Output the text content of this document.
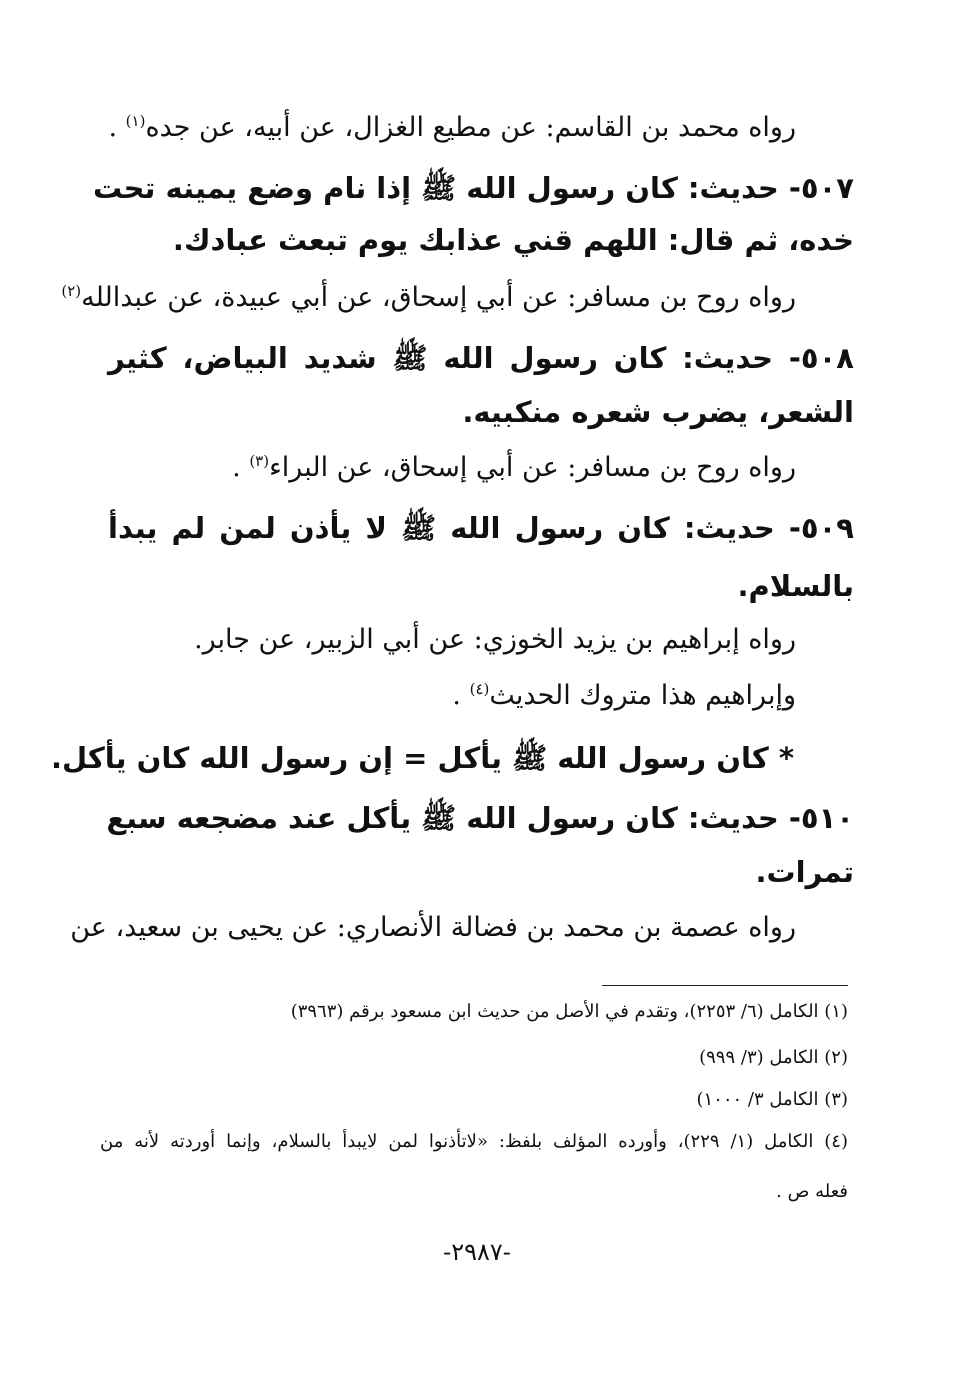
رواه محمد بن القاسم: عن مطيع الغزال، عن أبيه، عن جده$^{(١)}$ .
٥٠٧- حديث: كان رسول الله ﷺ إذا نام وضع يمينه تحت
خده، ثم قال: اللهم قني عذابك يوم تبعث عبادك.
رواه روح بن مسافر: عن أبي إسحاق، عن أبي عبيدة، عن عبدالله$^{(٢)}$
٥٠٨- حديث: كان رسول الله ﷺ شديد البياض، كثير
الشعر، يضرب شعره منكبيه.
رواه روح بن مسافر: عن أبي إسحاق، عن البراء$^{(٣)}$ .
٥٠٩- حديث: كان رسول الله ﷺ لا يأذن لمن لم يبدأ
بالسلام.
رواه إبراهيم بن يزيد الخوزي: عن أبي الزبير، عن جابر.
وإبراهيم هذا متروك الحديث$^{(٤)}$ .
* كان رسول الله ﷺ يأكل = إن رسول الله كان يأكل.
٥١٠- حديث: كان رسول الله ﷺ يأكل عند مضجعه سبع
تمرات.
رواه عصمة بن محمد بن فضالة الأنصاري: عن يحيى بن سعيد، عن
(١) الكامل (٦/ ٢٢٥٣)، وتقدم في الأصل من حديث ابن مسعود برقم (٣٩٦٣)
(٢) الكامل (٣/ ٩٩٩)
(٣) الكامل ٣/ ١٠٠٠)
(٤) الكامل (١/ ٢٢٩)، وأورده المؤلف بلفظ: «لاتأذنوا لمن لايبدأ بالسلام، وإنما أوردته لأنه من
فعله ص .
-٢٩٨٧-
